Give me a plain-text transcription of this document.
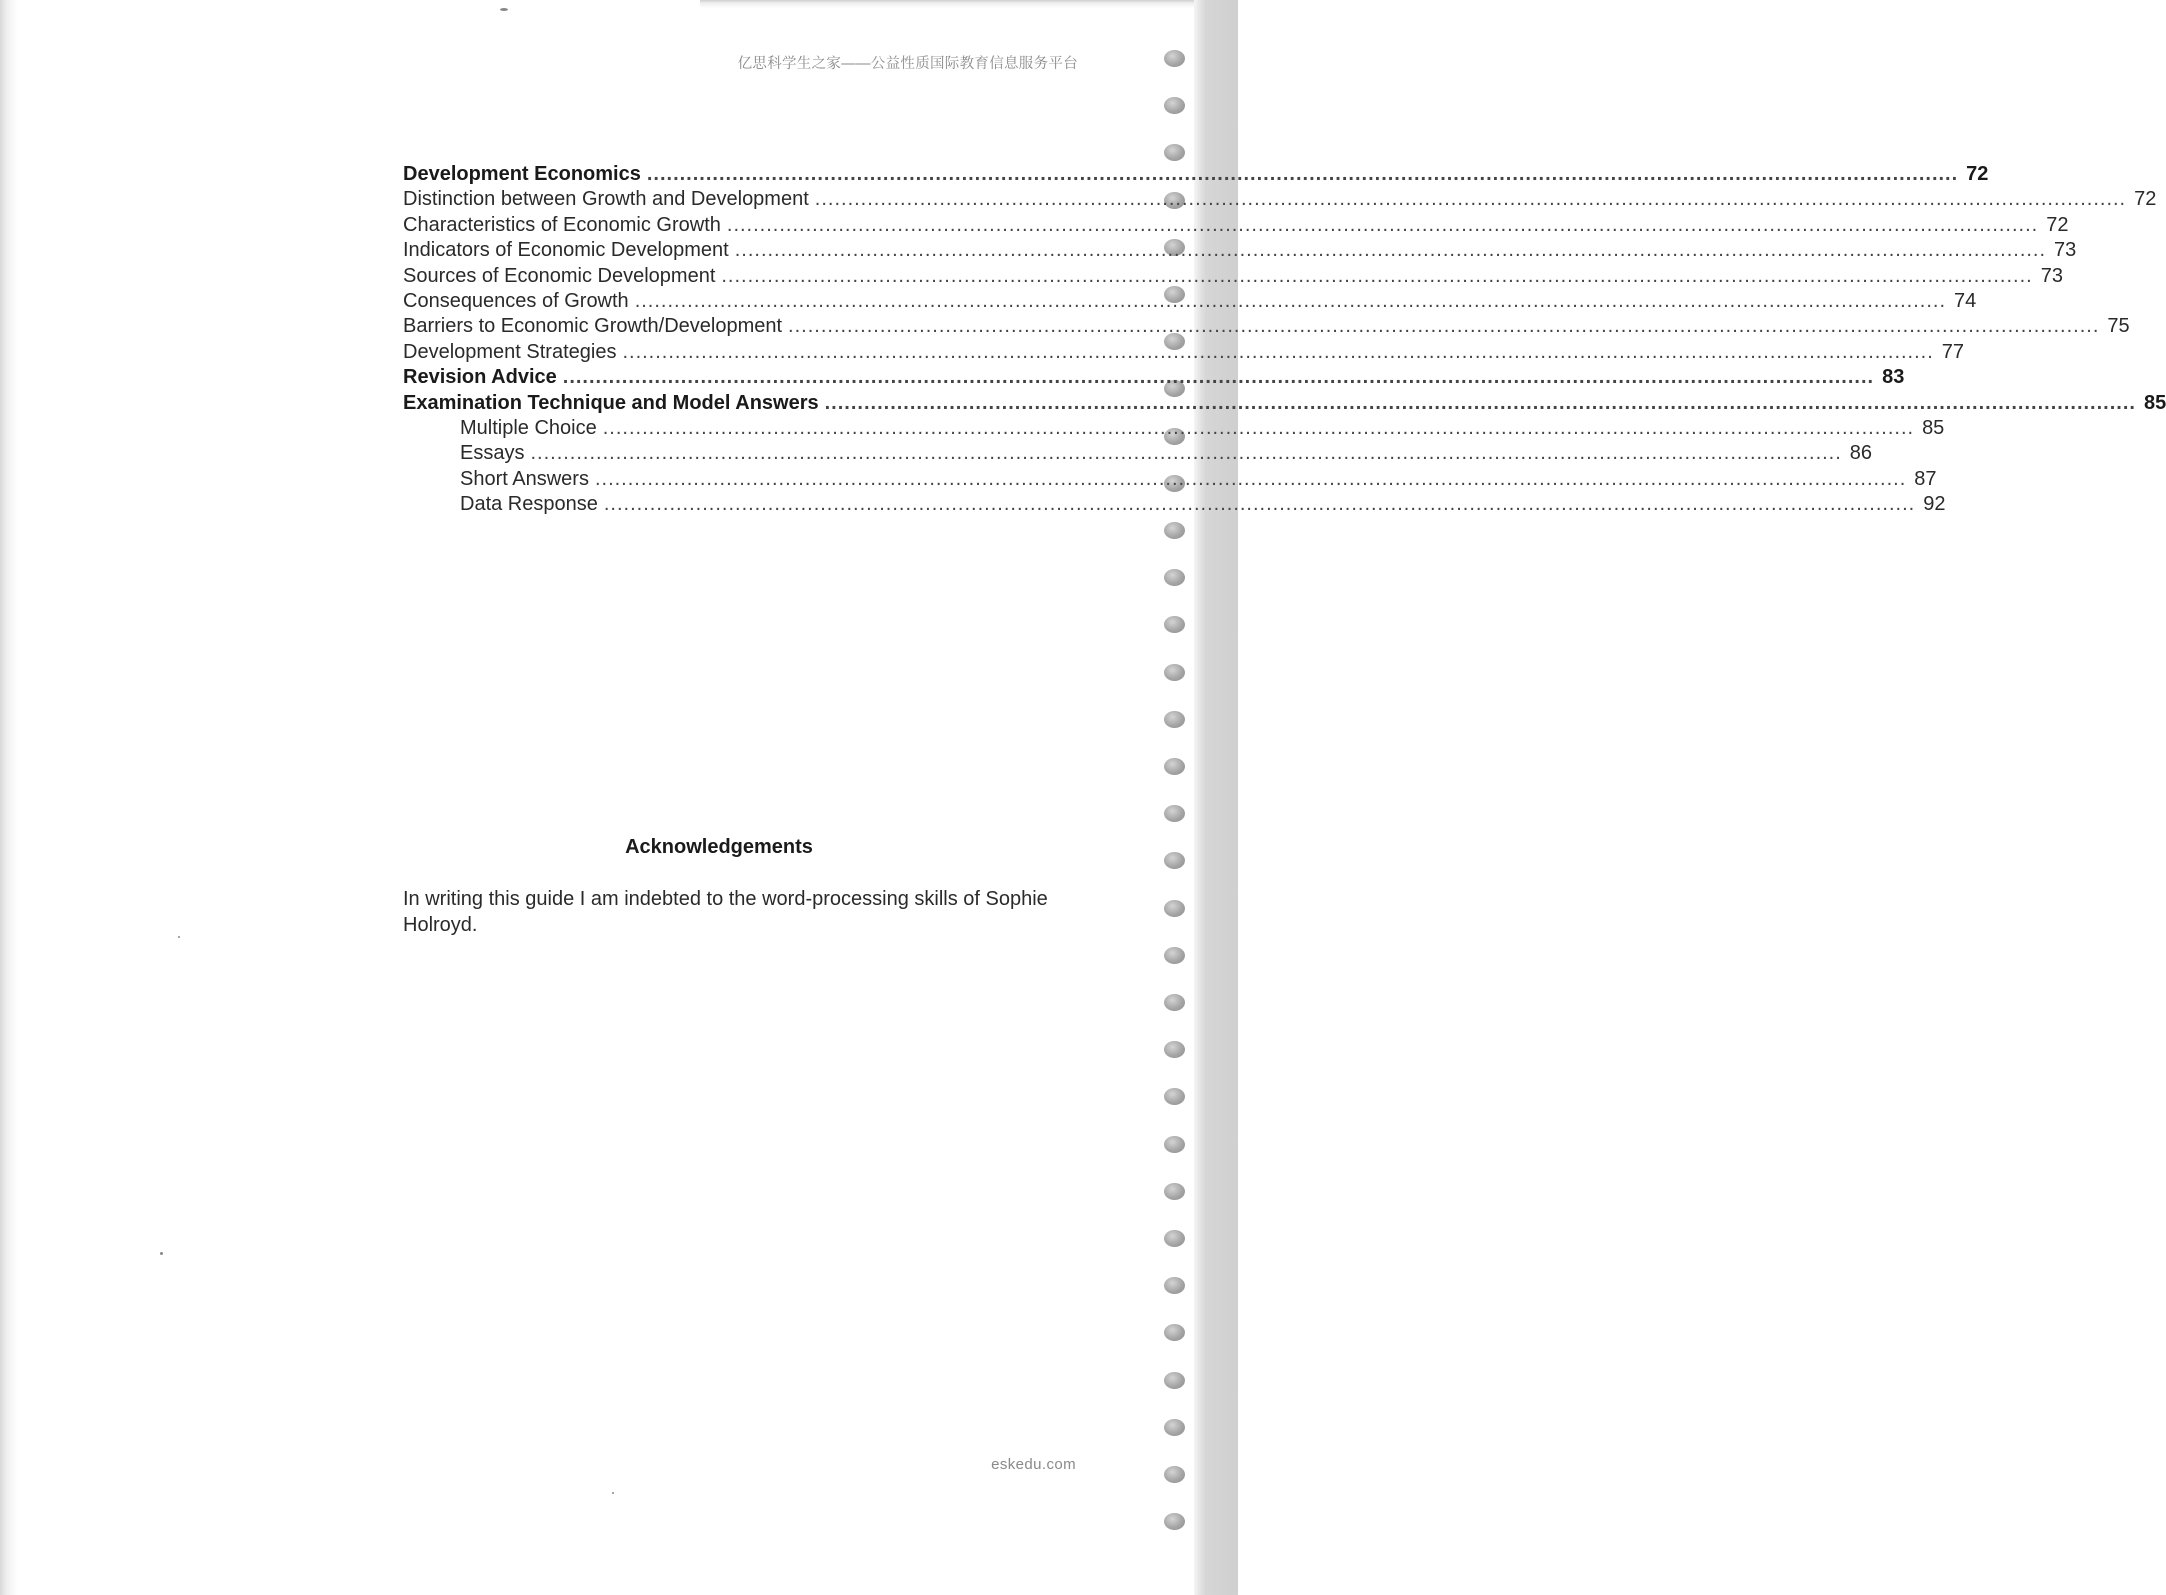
亿思科学生之家——公益性质国际教育信息服务平台
Development Economics ........................................................................................................................................................................................................ 72
Distinction between Growth and Development ........................................................................................................................................................................................................ 72
Characteristics of Economic Growth ........................................................................................................................................................................................................ 72
Indicators of Economic Development ........................................................................................................................................................................................................ 73
Sources of Economic Development ........................................................................................................................................................................................................ 73
Consequences of Growth ........................................................................................................................................................................................................ 74
Barriers to Economic Growth/Development ........................................................................................................................................................................................................ 75
Development Strategies ........................................................................................................................................................................................................ 77
Revision Advice ........................................................................................................................................................................................................ 83
Examination Technique and Model Answers ........................................................................................................................................................................................................ 85
Multiple Choice ........................................................................................................................................................................................................ 85
Essays ........................................................................................................................................................................................................ 86
Short Answers ........................................................................................................................................................................................................ 87
Data Response ........................................................................................................................................................................................................ 92
Acknowledgements
In writing this guide I am indebted to the word-processing skills of Sophie Holroyd.
eskedu.com
